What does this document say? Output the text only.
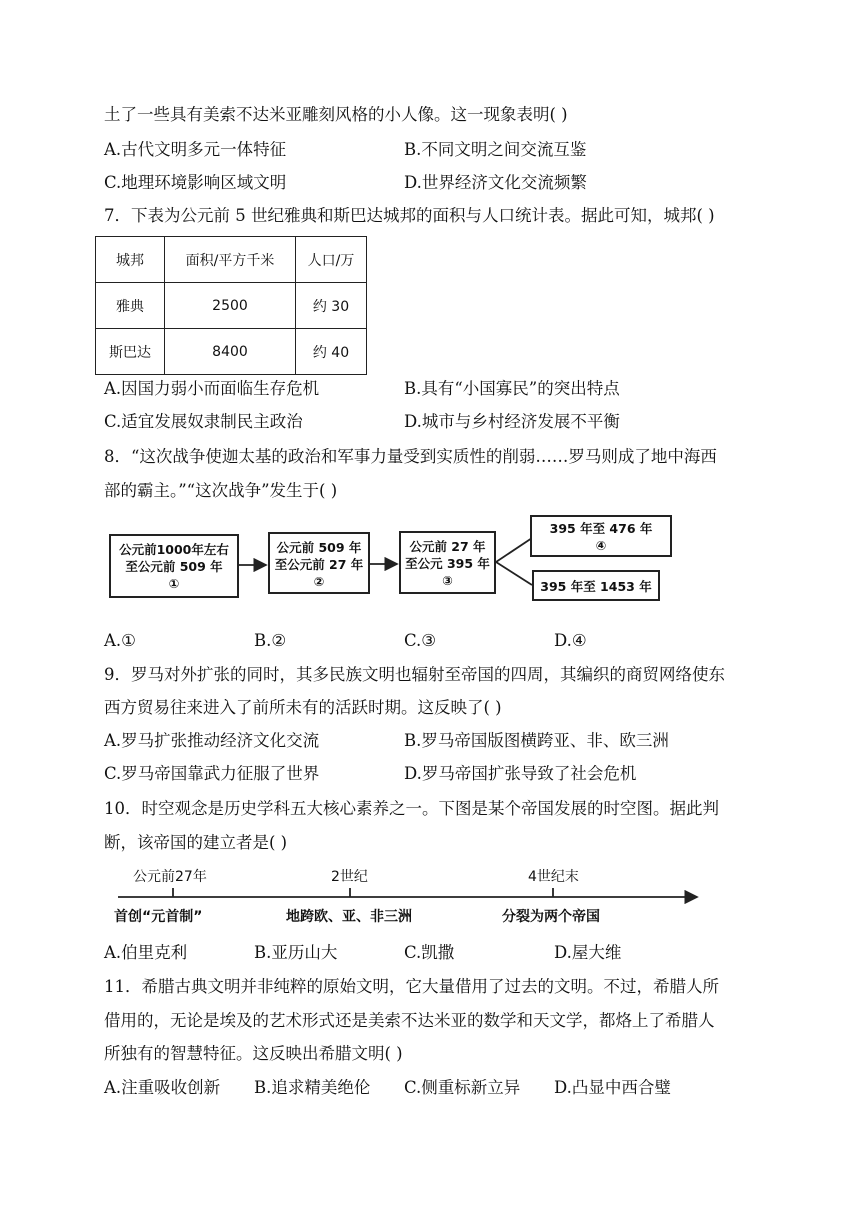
土了一些具有美索不达米亚雕刻风格的小人像。这一现象表明( )
A.古代文明多元一体特征	B.不同文明之间交流互鉴
C.地理环境影响区域文明	D.世界经济文化交流频繁
7．下表为公元前 5 世纪雅典和斯巴达城邦的面积与人口统计表。据此可知，城邦( )
城邦	面积/平方千米	人口/万
雅典	2500	约 30
斯巴达	8400	约 40
A.因国力弱小而面临生存危机	B.具有“小国寡民”的突出特点
C.适宜发展奴隶制民主政治	D.城市与乡村经济发展不平衡
8．“这次战争使迦太基的政治和军事力量受到实质性的削弱……罗马则成了地中海西
部的霸主。”“这次战争”发生于( )
公元前1000年左右
至公元前 509 年
①
公元前 509 年
至公元前 27 年
②
公元前 27 年
至公元 395 年
③
395 年至 476 年
④
395 年至 1453 年
A.①	B.②	C.③	D.④
9．罗马对外扩张的同时，其多民族文明也辐射至帝国的四周，其编织的商贸网络使东
西方贸易往来进入了前所未有的活跃时期。这反映了( )
A.罗马扩张推动经济文化交流	B.罗马帝国版图横跨亚、非、欧三洲
C.罗马帝国靠武力征服了世界	D.罗马帝国扩张导致了社会危机
10．时空观念是历史学科五大核心素养之一。下图是某个帝国发展的时空图。据此判
断，该帝国的建立者是( )
公元前27年	2世纪	4世纪末
首创“元首制”	地跨欧、亚、非三洲	分裂为两个帝国
A.伯里克利	B.亚历山大	C.凯撒	D.屋大维
11．希腊古典文明并非纯粹的原始文明，它大量借用了过去的文明。不过，希腊人所
借用的，无论是埃及的艺术形式还是美索不达米亚的数学和天文学，都烙上了希腊人
所独有的智慧特征。这反映出希腊文明( )
A.注重吸收创新 B.追求精美绝伦 C.侧重标新立异 D.凸显中西合璧
